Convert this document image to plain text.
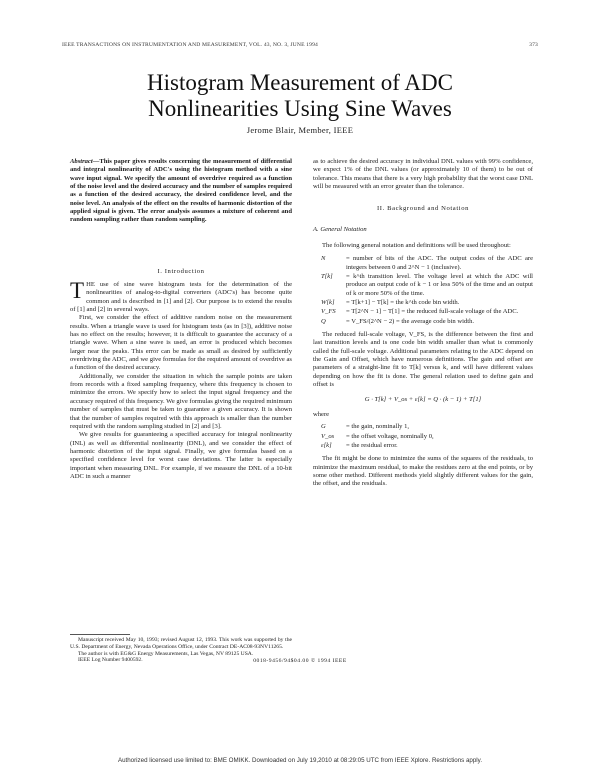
IEEE TRANSACTIONS ON INSTRUMENTATION AND MEASUREMENT, VOL. 43, NO. 3, JUNE 1994	373
Histogram Measurement of ADC
Nonlinearities Using Sine Waves
Jerome Blair, Member, IEEE

Abstract—This paper gives results concerning the measurement of differential and integral nonlinearity of ADC's using the histogram method with a sine wave input signal. We specify the amount of overdrive required as a function of the noise level and the desired accuracy and the number of samples required as a function of the desired accuracy, the desired confidence level, and the noise level. An analysis of the effect on the results of harmonic distortion of the applied signal is given. The error analysis assumes a mixture of coherent and random sampling rather than random sampling.

I. Introduction

THE use of sine wave histogram tests for the determination of the nonlinearities of analog-to-digital converters (ADC's) has become quite common and is described in [1] and [2]. Our purpose is to extend the results of [1] and [2] in several ways.

First, we consider the effect of additive random noise on the measurement results. When a triangle wave is used for histogram tests (as in [3]), additive noise has no effect on the results; however, it is difficult to guarantee the accuracy of a triangle wave. When a sine wave is used, an error is produced which becomes larger near the peaks. This error can be made as small as desired by sufficiently overdriving the ADC, and we give formulas for the required amount of overdrive as a function of the desired accuracy.

Additionally, we consider the situation in which the sample points are taken from records with a fixed sampling frequency, where this frequency is chosen to minimize the errors. We specify how to select the input signal frequency and the accuracy required of this frequency. We give formulas giving the required minimum number of samples that must be taken to guarantee a given accuracy. It is shown that the number of samples required with this approach is smaller than the number required with the random sampling studied in [2] and [3].

We give results for guaranteeing a specified accuracy for integral nonlinearity (INL) as well as differential nonlinearity (DNL), and we consider the effect of harmonic distortion of the input signal. Finally, we give formulas based on a specified confidence level for worst case deviations. The latter is especially important when measuring DNL. For example, if we measure the DNL of a 10-bit ADC in such a manner

Manuscript received May 10, 1993; revised August 12, 1993. This work was supported by the U.S. Department of Energy, Nevada Operations Office, under Contract DE-AC08-93NV11265.

The author is with EG&G Energy Measurements, Las Vegas, NV 89125 USA.

IEEE Log Number 9400592.

as to achieve the desired accuracy in individual DNL values with 99% confidence, we expect 1% of the DNL values (or approximately 10 of them) to be out of tolerance. This means that there is a very high probability that the worst case DNL will be measured with an error greater than the tolerance.
II. Background and Notation
A. General Notation

The following general notation and definitions will be used throughout:

N	= number of bits of the ADC. The output codes of the ADC are integers between 0 and 2^N − 1 (inclusive).
T[k]	= k^th transition level. The voltage level at which the ADC will produce an output code of k − 1 or less 50% of the time and an output of k or more 50% of the time.
W[k]	= T[k+1] − T[k] = the k^th code bin width.
V_FS	= T[2^N − 1] − T[1] = the reduced full-scale voltage of the ADC.
Q	= V_FS/(2^N − 2) = the average code bin width.

The reduced full-scale voltage, V_FS, is the difference between the first and last transition levels and is one code bin width smaller than what is commonly called the full-scale voltage. Additional parameters relating to the ADC depend on the Gain and Offset, which have numerous definitions. The gain and offset are parameters of a straight-line fit to T[k] versus k, and will have different values depending on how the fit is done. The general relation used to define gain and offset is

G · T[k] + V_os + ε[k] = Q · (k − 1) + T[1]

where

G	= the gain, nominally 1,
V_os	= the offset voltage, nominally 0,
ε[k]	= the residual error.

The fit might be done to minimize the sums of the squares of the residuals, to minimize the maximum residual, to make the residues zero at the end points, or by some other method. Different methods yield slightly different values for the gain, the offset, and the residuals.

0018-9456/94$04.00 © 1994 IEEE
Authorized licensed use limited to: BME OMIKK. Downloaded on July 19,2010 at 08:29:05 UTC from IEEE Xplore. Restrictions apply.
